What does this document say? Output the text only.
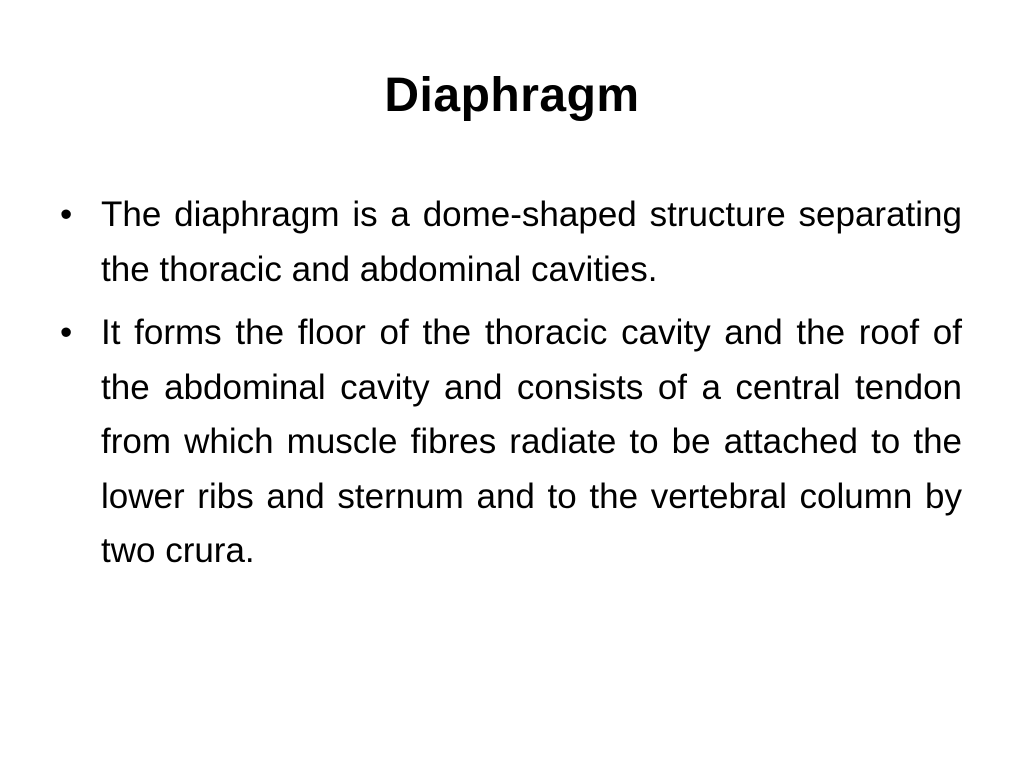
Diaphragm
• The diaphragm is a dome-shaped structure separating the thoracic and abdominal cavities.
• It forms the floor of the thoracic cavity and the roof of the abdominal cavity and consists of a central tendon from which muscle fibres radiate to be attached to the lower ribs and sternum and to the vertebral column by two crura.
